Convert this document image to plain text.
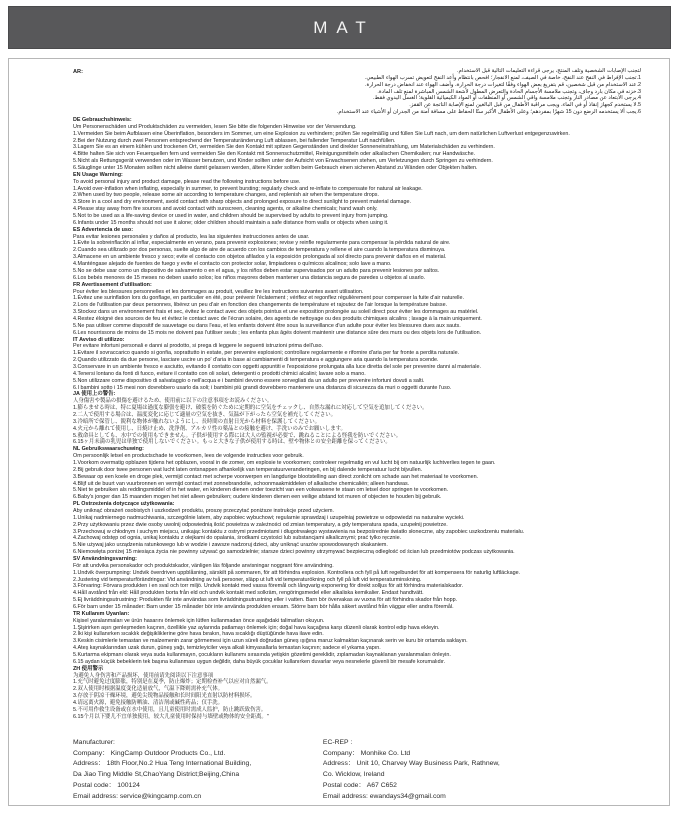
MAT
AR:	لتجنب الإصابات الشخصية وتلف المنتج، يرجى قراءة التعليمات التالية قبل الاستخدام.
1.تجنب الإفراط في النفخ عند النفخ، خاصة في الصيف، لمنع الانفجار؛ افحص بانتظام وأعد النفخ لتعويض تسرب الهواء الطبيعي.
2.عند الاستخدام من قبل شخصين، قم بتفريغ بعض الهواء وفقًا لتغيرات درجة الحرارة، وأضف الهواء عند انخفاض درجة الحرارة.
3.خزنه في مكان بارد وجاف، وتجنب ملامسة الأجسام الحادة والتعرض المطول لأشعة الشمس المباشرة لمنع تلف المادة.
4.يرجى الابتعاد عن مصادر النار وتجنب ملامسة واقي الشمس أو المنظفات أو المواد الكيميائية القلوية؛ الغسل اليدوي فقط.
5.لا يستخدم كجهاز إنقاذ أو في الماء، ويجب مراقبة الأطفال من قبل البالغين لمنع الإصابة الناتجة عن القفز.
6.يجب ألا يستخدمه الرضع دون 15 شهرًا بمفردهم؛ وعلى الأطفال الأكبر سنًا الحفاظ على مسافة آمنة من الجدران أو الأشياء عند الاستخدام.
DE Gebrauchshinweis:
Um Personenschäden und Produktschäden zu vermeiden, lesen Sie bitte die folgenden Hinweise vor der Verwendung.
1.Vermeiden Sie beim Aufblasen eine Überinflation, besonders im Sommer, um eine Explosion zu verhindern; prüfen Sie regelmäßig und füllen Sie Luft nach, um dem natürlichen Luftverlust entgegenzuwirken.
2.Bei der Nutzung durch zwei Personen entsprechend der Temperaturänderung Luft ablassen, bei fallender Temperatur Luft nachfüllen.
3.Lagern Sie es an einem kühlen und trockenen Ort, vermeiden Sie den Kontakt mit spitzen Gegenständen und direkter Sonneneinstrahlung, um Materialschäden zu verhindern.
4.Bitte halten Sie sich von Feuerquellen fern und vermeiden Sie den Kontakt mit Sonnenschutzmittel, Reinigungsmitteln oder alkalischen Chemikalien; nur Handwäsche.
5.Nicht als Rettungsgerät verwenden oder im Wasser benutzen, und Kinder sollten unter der Aufsicht von Erwachsenen stehen, um Verletzungen durch Springen zu verhindern.
6.Säuglinge unter 15 Monaten sollten nicht alleine damit gelassen werden, ältere Kinder sollten beim Gebrauch einen sicheren Abstand zu Wänden oder Objekten halten.
EN Usage Warning:
To avoid personal injury and product damage, please read the following instructions before use.
1.Avoid over-inflation when inflating, especially in summer, to prevent bursting; regularly check and re-inflate to compensate for natural air leakage.
2.When used by two people, release some air according to temperature changes, and replenish air when the temperature drops.
3.Store in a cool and dry environment, avoid contact with sharp objects and prolonged exposure to direct sunlight to prevent material damage.
4.Please stay away from fire sources and avoid contact with sunscreen, cleaning agents, or alkaline chemicals; hand wash only.
5.Not to be used as a life-saving device or used in water, and children should be supervised by adults to prevent injury from jumping.
6.Infants under 15 months should not use it alone; older children should maintain a safe distance from walls or objects when using it.
ES Advertencia de uso:
Para evitar lesiones personales y daños al producto, lea las siguientes instrucciones antes de usar.
1.Evite la sobreinflación al inflar, especialmente en verano, para prevenir explosiones; revise y reinfle regularmente para compensar la pérdida natural de aire.
2.Cuando sea utilizado por dos personas, suelte algo de aire de acuerdo con los cambios de temperatura y rellene el aire cuando la temperatura disminuya.
3.Almacene en un ambiente fresco y seco; evite el contacto con objetos afilados y la exposición prolongada al sol directo para prevenir daños en el material.
4.Manténgase alejado de fuentes de fuego y evite el contacto con protector solar, limpiadores o químicos alcalinos; solo lave a mano.
5.No se debe usar como un dispositivo de salvamento o en el agua, y los niños deben estar supervisados por un adulto para prevenir lesiones por saltos.
6.Los bebés menores de 15 meses no deben usarlo solos; los niños mayores deben mantener una distancia segura de paredes u objetos al usarlo.
FR Avertissement d'utilisation:
Pour éviter les blessures personnelles et les dommages au produit, veuillez lire les instructions suivantes avant utilisation.
1.Évitez une surinflation lors du gonflage, en particulier en été, pour prévenir l'éclatement ; vérifiez et regonflez régulièrement pour compenser la fuite d'air naturelle.
2.Lors de l'utilisation par deux personnes, libérez un peu d'air en fonction des changements de température et rajoutez de l'air lorsque la température baisse.
3.Stockez dans un environnement frais et sec, évitez le contact avec des objets pointus et une exposition prolongée au soleil direct pour éviter les dommages au matériel.
4.Restez éloigné des sources de feu et évitez le contact avec de l'écran solaire, des agents de nettoyage ou des produits chimiques alcalins ; lavage à la main uniquement.
5.Ne pas utiliser comme dispositif de sauvetage ou dans l'eau, et les enfants doivent être sous la surveillance d'un adulte pour éviter les blessures dues aux sauts.
6.Les nourrissons de moins de 15 mois ne doivent pas l'utiliser seuls ; les enfants plus âgés doivent maintenir une distance sûre des murs ou des objets lors de l'utilisation.
IT Avviso di utilizzo:
Per evitare infortuni personali e danni al prodotto, si prega di leggere le seguenti istruzioni prima dell'uso.
1.Evitare il sovraccarico quando si gonfia, soprattutto in estate, per prevenire esplosioni; controllare regolarmente e rifornire d'aria per far fronte a perdita naturale.
2.Quando utilizzato da due persone, lasciare uscire un po' d'aria in base ai cambiamenti di temperatura e aggiungere aria quando la temperatura scende.
3.Conservare in un ambiente fresco e asciutto, evitando il contatto con oggetti appuntiti e l'esposizione prolungata alla luce diretta del sole per prevenire danni al materiale.
4.Tenersi lontano da fonti di fuoco, evitare il contatto con oli solari, detergenti o prodotti chimici alcalini; lavare solo a mano.
5.Non utilizzare come dispositivo di salvataggio o nell'acqua e i bambini devono essere sorvegliati da un adulto per prevenire infortuni dovuti a salti.
6.I bambini sotto i 15 mesi non dovrebbero usarlo da soli; i bambini più grandi dovrebbero mantenere una distanza di sicurezza da muri o oggetti durante l'uso.
JA 使用上の警告:
人身傷害や製品の損傷を避けるため、使用前に以下の注意事項をお読みください。
1.膨らませる時は、特に夏場は過度な膨張を避け、破裂を防ぐために定期的に空気をチェックし、自然な漏れに対応して空気を追加してください。
2.二人で使用する場合は、温度変化に応じて適量の空気を抜き、気温が下がったら空気を補充してください。
3.冷暗所で保管し、鋭利な物体が触れないようにし、長時間の直射日光から材料を保護してください。
4.火元から離れて使用し、日焼け止め、洗浄剤、アルカリ性の薬品との接触を避け、手洗いのみでお願いします。
5.救命具としても、水中での使用もできません。子供が使用する際には大人の監視が必要で、跳ねることによる怪我を防いでください。
6.15ヶ月未満の乳児は単独で使用しないでください。もっと大きな子供が使用する時は、壁や物体との安全距離を保ってください。
NL Gebruikswaarschuwing:
Om persoonlijk letsel en productschade te voorkomen, lees de volgende instructies voor gebruik.
1.Voorkom overmatig opblazen tijdens het opblazen, vooral in de zomer, om explosie te voorkomen; controleer regelmatig en vul lucht bij om natuurlijk luchtverlies tegen te gaan.
2.Bij gebruik door twee personen wat lucht laten ontsnappen afhankelijk van temperatuurveranderingen, en bij dalende temperatuur lucht bijvullen.
3.Bewaar op een koele en droge plek, vermijd contact met scherpe voorwerpen en langdurige blootstelling aan direct zonlicht om schade aan het materiaal te voorkomen.
4.Blijf uit de buurt van vuurbronnen en vermijd contact met zonnebrandolie, schoonmaakmiddelen of alkalische chemicaliën; alleen handwas.
5.Niet te gebruiken als reddingsmiddel of in het water, en kinderen dienen onder toezicht van een volwassene te staan om letsel door springen te voorkomen.
6.Baby's jonger dan 15 maanden mogen het niet alleen gebruiken; oudere kinderen dienen een veilige afstand tot muren of objecten te houden bij gebruik.
PL Ostrzeżenia dotyczące użytkowania:
Aby uniknąć obrażeń osobistych i uszkodzeń produktu, proszę przeczytać poniższe instrukcje przed użyciem.
1.Unikaj nadmiernego nadmuchiwania, szczególnie latem, aby zapobiec wybuchowi; regularnie sprawdzaj i uzupełniaj powietrze w odpowiedzi na naturalne wycieki.
2.Przy użytkowaniu przez dwie osoby uwolnij odpowiednią ilość powietrza w zależności od zmian temperatury, a gdy temperatura spada, uzupełnij powietrze.
3.Przechowuj w chłodnym i suchym miejscu, unikając kontaktu z ostrymi przedmiotami i długotrwałego wystawienia na bezpośrednie światło słoneczne, aby zapobiec uszkodzeniu materiału.
4.Zachowaj odstęp od ognia, unikaj kontaktu z olejkami do opalania, środkami czystości lub substancjami alkalicznymi; prać tylko ręcznie.
5.Nie używaj jako urządzenia ratunkowego lub w wodzie i zawsze nadzoruj dzieci, aby uniknąć urazów spowodowanych skakaniem.
6.Niemowlęta poniżej 15 miesiąca życia nie powinny używać go samodzielnie; starsze dzieci powinny utrzymywać bezpieczną odległość od ścian lub przedmiotów podczas użytkowania.
SV Användningsvarning:
För att undvika personskador och produktskador, vänligen läs följande anvisningar noggrant före användning.
1.Undvik överpumpning: Undvik överdriven uppblåsning, särskilt på sommaren, för att förhindra explosion. Kontrollera och fyll på luft regelbundet för att kompensera för naturlig luftläckage.
2.Justering vid temperaturförändringar: Vid användning av två personer, släpp ut luft vid temperaturökning och fyll på luft vid temperaturminskning.
3.Förvaring: Förvara produkten i en sval och torr miljö. Undvik kontakt med vassa föremål och långvarig exponering för direkt solljus för att förhindra materialskador.
4.Håll avstånd från eld: Håll produkten borta från eld och undvik kontakt med solkräm, rengöringsmedel eller alkaliska kemikalier. Endast handtvätt.
5.Ej livräddningsutrustning: Produkten får inte användas som livräddningsutrustning eller i vatten. Barn bör övervakas av vuxna för att förhindra skador från hopp.
6.För barn under 15 månader: Barn under 15 månader bör inte använda produkten ensam. Större barn bör hålla säkert avstånd från väggar eller andra föremål.
TR Kullanım Uyarıları:
Kişisel yaralanmaları ve ürün hasarını önlemek için lütfen kullanmadan önce aşağıdaki talimatları okuyun.
1.Şişirirken aşırı genleşmeden kaçının, özellikle yaz aylarında patlamayı önlemek için; doğal hava kaçağına karşı düzenli olarak kontrol edip hava ekleyin.
2.İki kişi kullanırken sıcaklık değişikliklerine göre hava bırakın, hava sıcaklığı düştüğünde hava ilave edin.
3.Keskin cisimlerle temastan ve malzemenin zarar görmemesi için uzun süreli doğrudan güneş ışığına maruz kalmaktan kaçınarak serin ve kuru bir ortamda saklayın.
4.Ateş kaynaklarından uzak durun, güneş yağı, temizleyiciler veya alkali kimyasallarla temastan kaçının; sadece el yıkama yapın.
5.Kurtarma ekipmanı olarak veya suda kullanmayın, çocukların kullanımı sırasında yetişkin gözetimi gereklidir, zıplamadan kaynaklanan yaralanmaları önleyin.
6.15 aydan küçük bebeklerin tek başına kullanması uygun değildir, daha büyük çocuklar kullanırken duvarlar veya nesnelerle güvenli bir mesafe korumalıdır.
ZH 使用警示
为避免人身伤害和产品损坏，使用前请先阅读以下注意事项
1.充气时避免过度膨胀，特别是在夏季，防止爆炸；定期检查补气以应对自然漏气。
2.双人使用时根据温度变化适量放气，气温下降则需补充气体。
3.存放于阴凉干燥环境，避免尖锐物品接触和长时间阳光直射以防材料损坏。
4.请远离火源，避免接触防晒油、清洁剂或碱性药品；仅手洗。
5.不可用作救生设备或在水中使用，且儿童使用时需成人监护，防止跳跃致伤害。
6.15个月以下婴儿不宜单独使用，较大儿童使用时保持与墙壁或物体的安全距离。"
Manufacturer:
Company： KingCamp Outdoor Products Co., Ltd.
Address： 18th Floor,No.2 Hua Teng International Building,
Da Jiao Ting Middle St,ChaoYang District;Beijing,China
Postal code： 100124
Email address: service@kingcamp.com.cn
EC-REP :
Company： Monhike Co. Ltd
Address： Unit 10, Charvey Way Business Park, Rathnew,
Co. Wicklow, Ireland
Postal code： A67 C652
Email address: ewandays34@gmail.com
